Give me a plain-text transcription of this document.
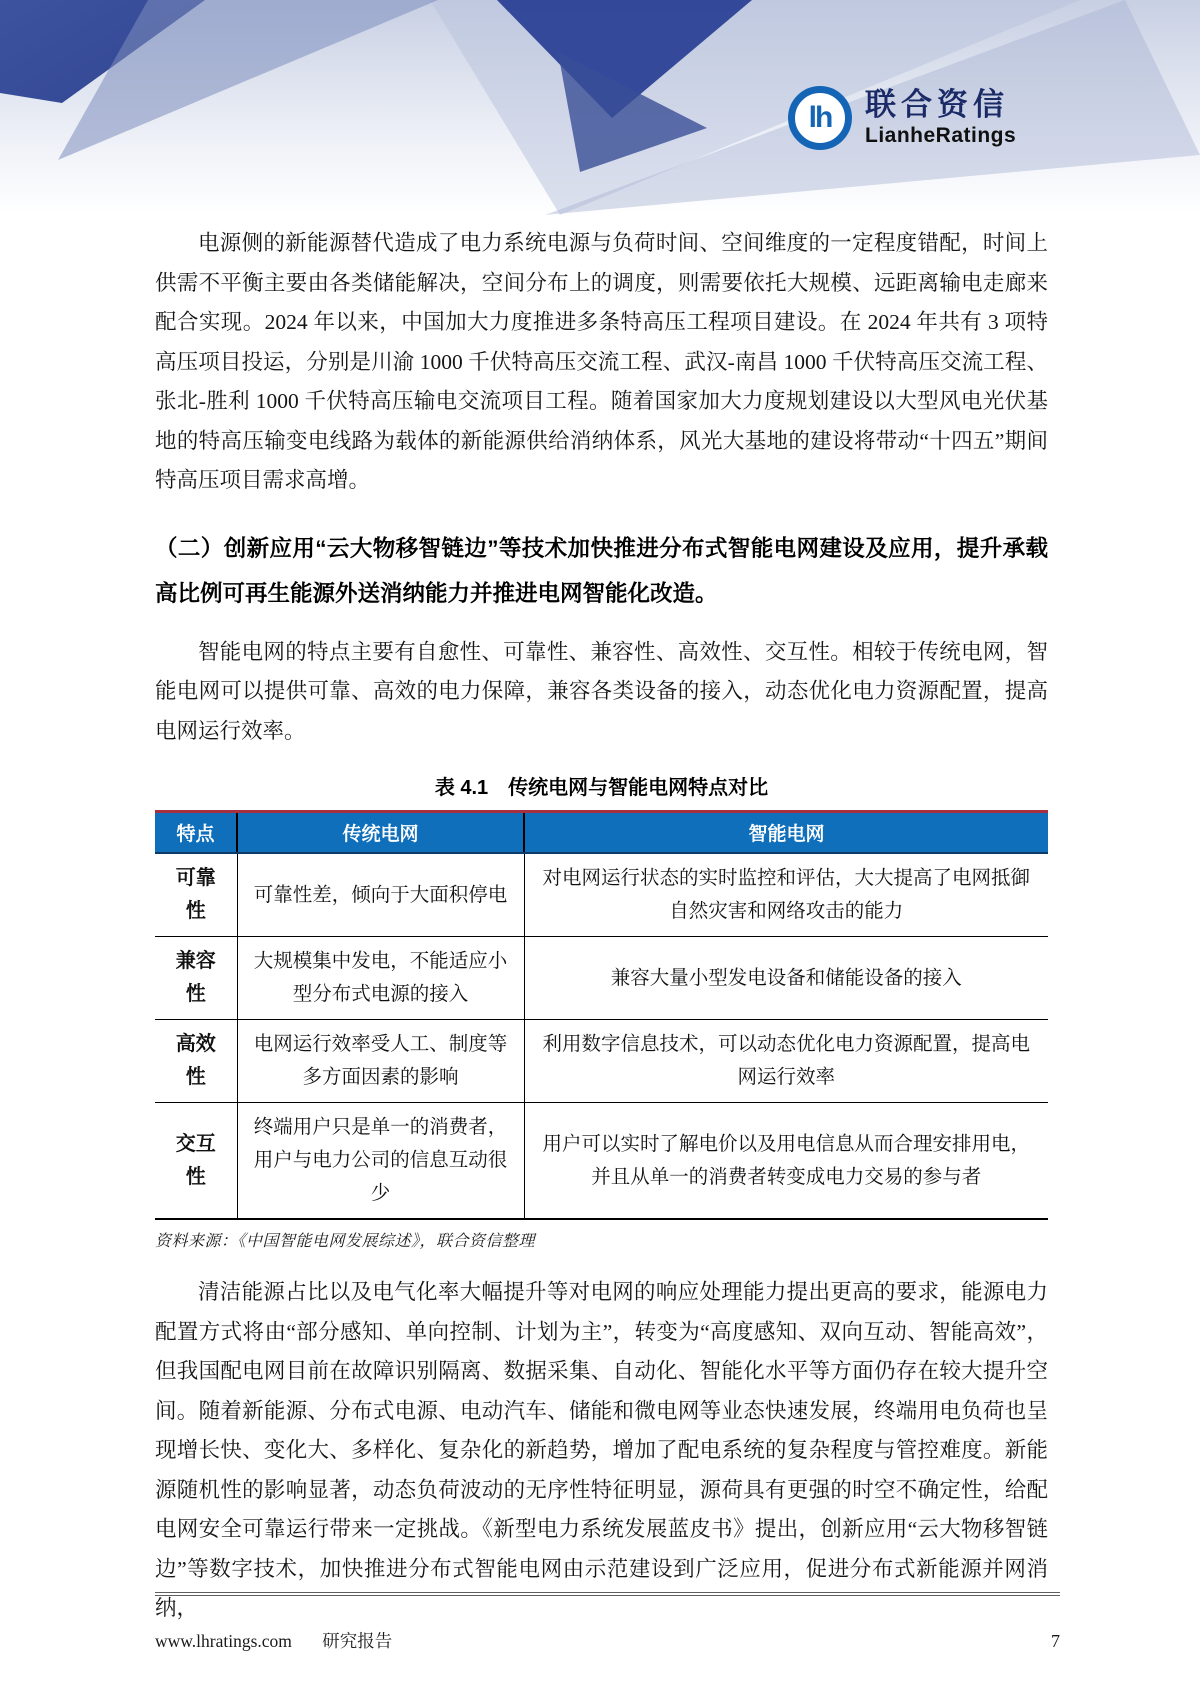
lh 联合资信
LianheRatings

电源侧的新能源替代造成了电力系统电源与负荷时间、空间维度的一定程度错配，时间上供需不平衡主要由各类储能解决，空间分布上的调度，则需要依托大规模、远距离输电走廊来配合实现。2024 年以来，中国加大力度推进多条特高压工程项目建设。在 2024 年共有 3 项特高压项目投运，分别是川渝 1000 千伏特高压交流工程、武汉-南昌 1000 千伏特高压交流工程、张北-胜利 1000 千伏特高压输电交流项目工程。随着国家加大力度规划建设以大型风电光伏基地的特高压输变电线路为载体的新能源供给消纳体系，风光大基地的建设将带动“十四五”期间特高压项目需求高增。

（二）创新应用“云大物移智链边”等技术加快推进分布式智能电网建设及应用，提升承载高比例可再生能源外送消纳能力并推进电网智能化改造。

智能电网的特点主要有自愈性、可靠性、兼容性、高效性、交互性。相较于传统电网，智能电网可以提供可靠、高效的电力保障，兼容各类设备的接入，动态优化电力资源配置，提高电网运行效率。

表 4.1　传统电网与智能电网特点对比
特点	传统电网	智能电网
可靠性	可靠性差，倾向于大面积停电	对电网运行状态的实时监控和评估，大大提高了电网抵御自然灾害和网络攻击的能力
兼容性	大规模集中发电，不能适应小型分布式电源的接入	兼容大量小型发电设备和储能设备的接入
高效性	电网运行效率受人工、制度等多方面因素的影响	利用数字信息技术，可以动态优化电力资源配置，提高电网运行效率
交互性	终端用户只是单一的消费者，用户与电力公司的信息互动很少	用户可以实时了解电价以及用电信息从而合理安排用电，并且从单一的消费者转变成电力交易的参与者
资料来源：《中国智能电网发展综述》，联合资信整理

清洁能源占比以及电气化率大幅提升等对电网的响应处理能力提出更高的要求，能源电力配置方式将由“部分感知、单向控制、计划为主”，转变为“高度感知、双向互动、智能高效”，但我国配电网目前在故障识别隔离、数据采集、自动化、智能化水平等方面仍存在较大提升空间。随着新能源、分布式电源、电动汽车、储能和微电网等业态快速发展，终端用电负荷也呈现增长快、变化大、多样化、复杂化的新趋势，增加了配电系统的复杂程度与管控难度。新能源随机性的影响显著，动态负荷波动的无序性特征明显，源荷具有更强的时空不确定性，给配电网安全可靠运行带来一定挑战。《新型电力系统发展蓝皮书》提出，创新应用“云大物移智链边”等数字技术，加快推进分布式智能电网由示范建设到广泛应用，促进分布式新能源并网消纳，

www.lhratings.com 研究报告	7
